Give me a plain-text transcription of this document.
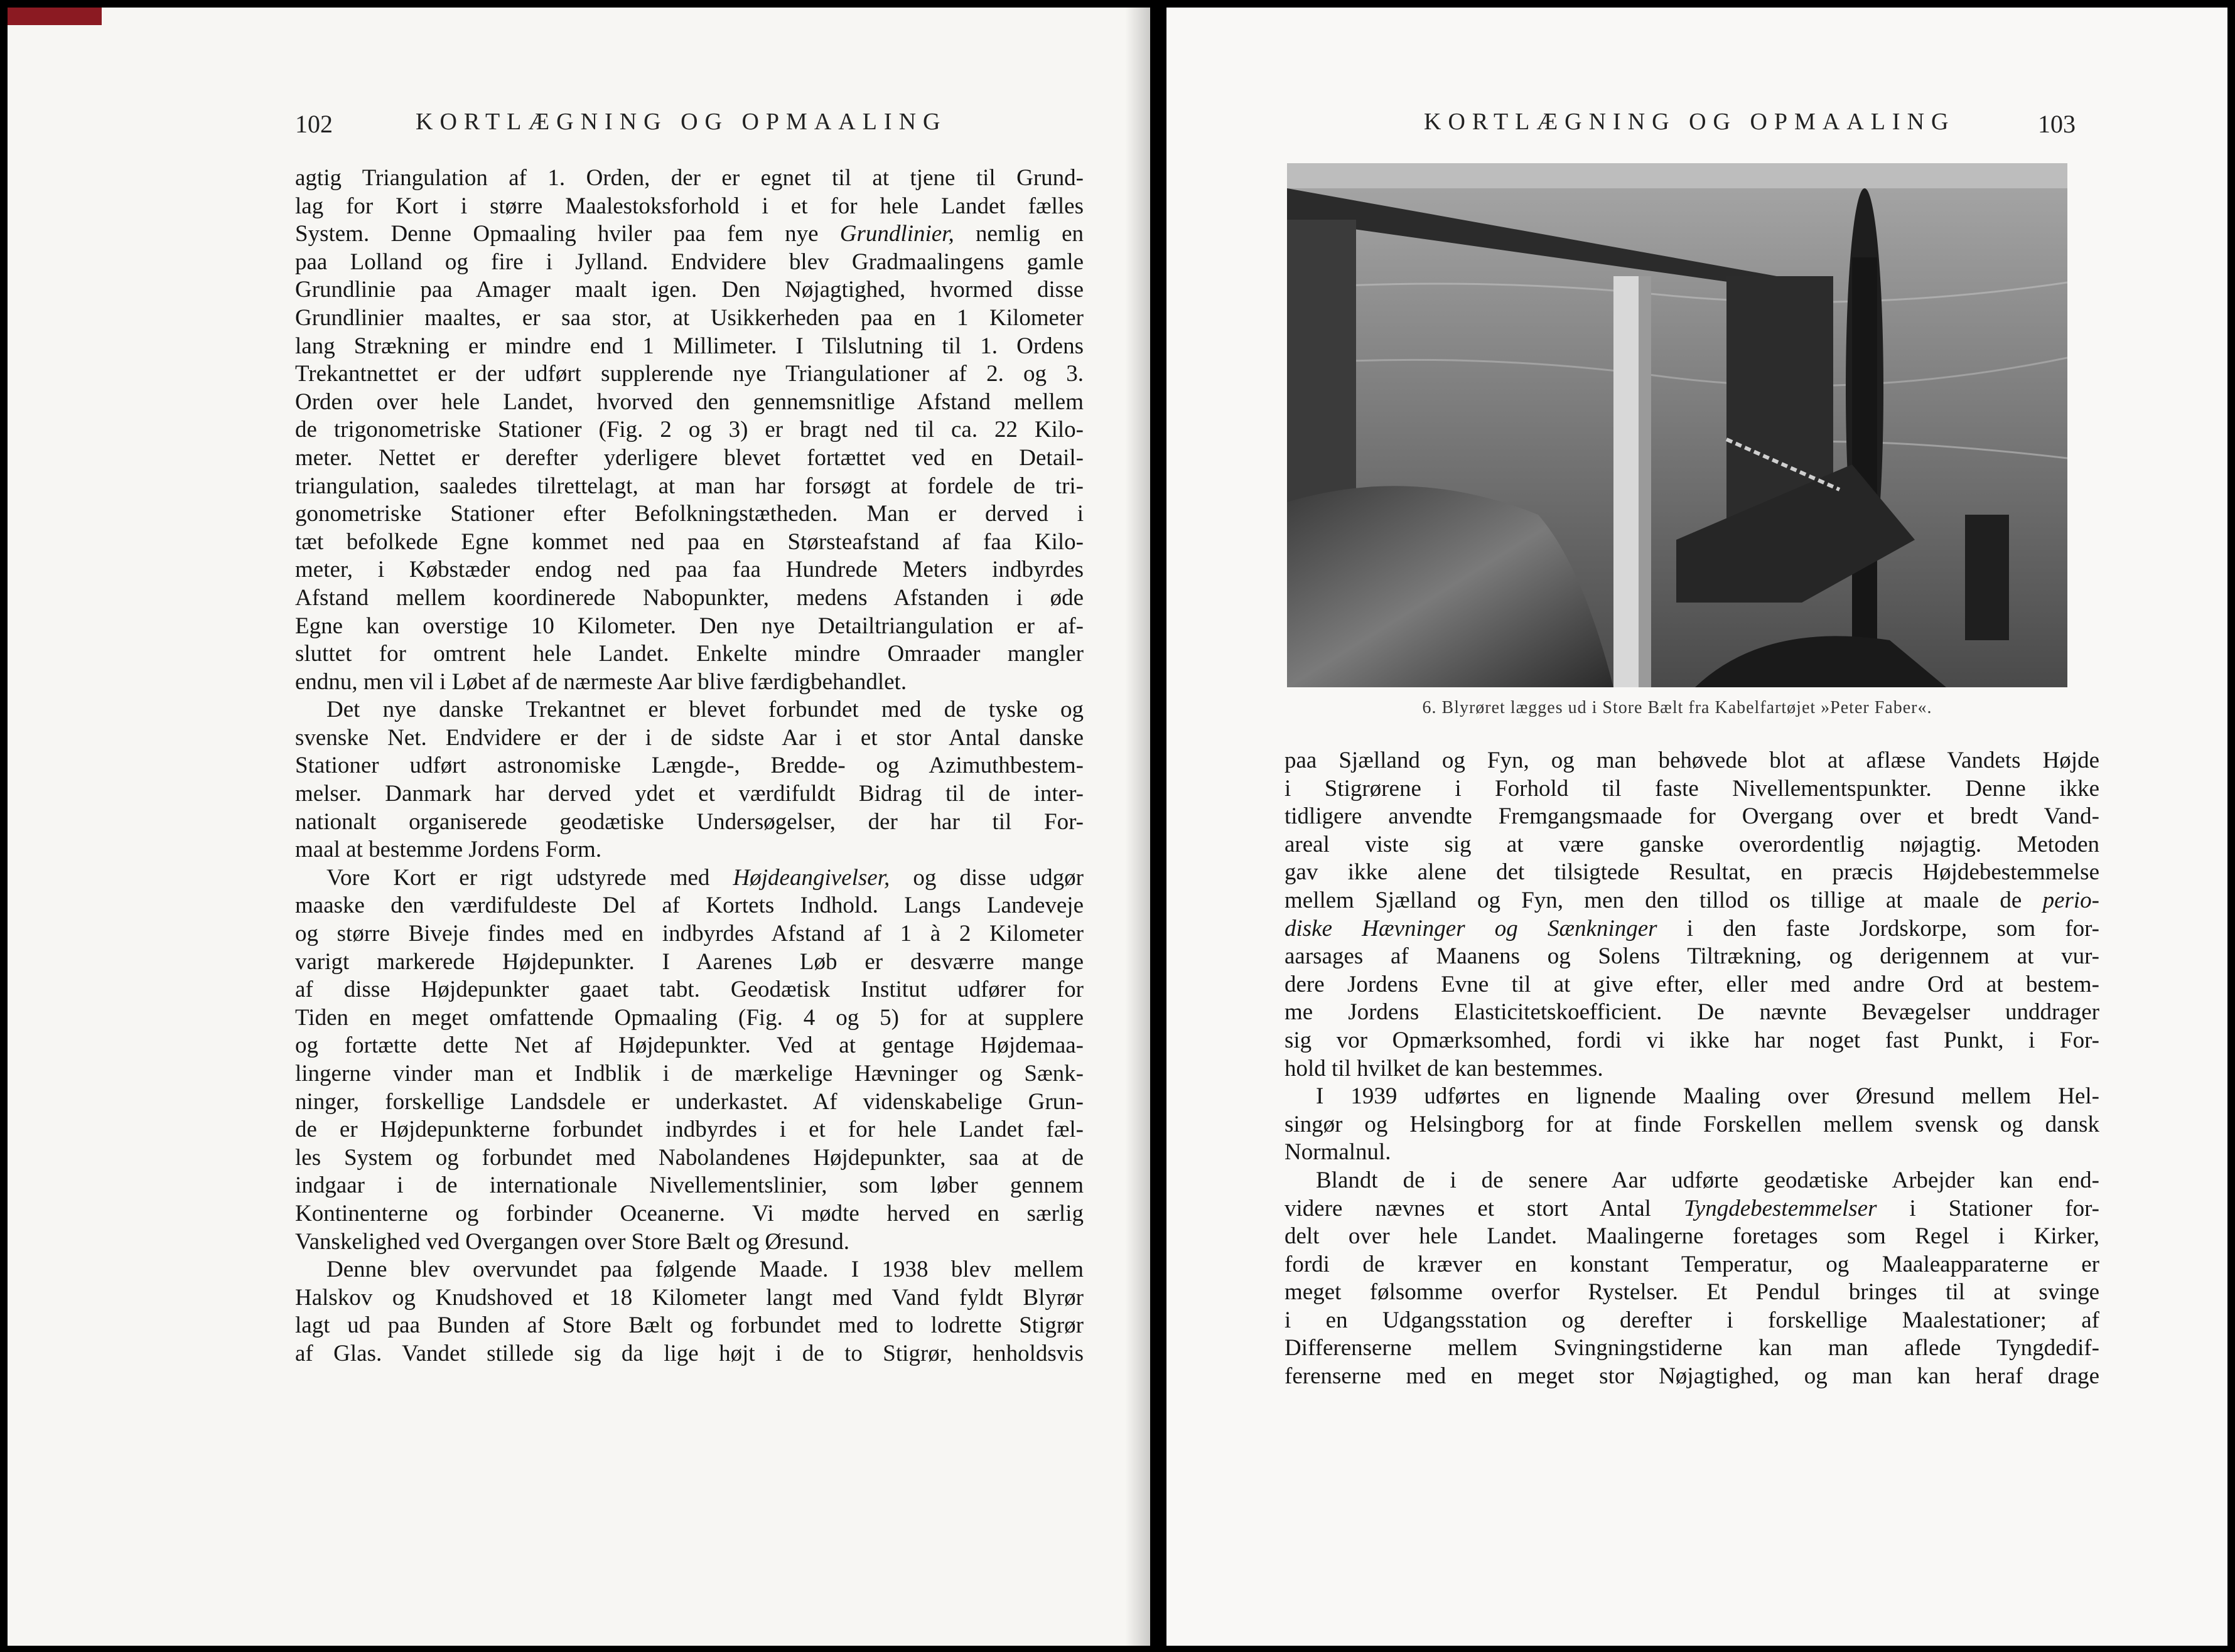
102	KORTLÆGNING OG OPMAALING

agtig Triangulation af 1. Orden, der er egnet til at tjene til Grund-

lag for Kort i større Maalestoksforhold i et for hele Landet fælles

System. Denne Opmaaling hviler paa fem nye Grundlinier, nemlig en

paa Lolland og fire i Jylland. Endvidere blev Gradmaalingens gamle

Grundlinie paa Amager maalt igen. Den Nøjagtighed, hvormed disse

Grundlinier maaltes, er saa stor, at Usikkerheden paa en 1 Kilometer

lang Strækning er mindre end 1 Millimeter. I Tilslutning til 1. Ordens

Trekantnettet er der udført supplerende nye Triangulationer af 2. og 3.

Orden over hele Landet, hvorved den gennemsnitlige Afstand mellem

de trigonometriske Stationer (Fig. 2 og 3) er bragt ned til ca. 22 Kilo-

meter. Nettet er derefter yderligere blevet fortættet ved en Detail-

triangulation, saaledes tilrettelagt, at man har forsøgt at fordele de tri-

gonometriske Stationer efter Befolkningstætheden. Man er derved i

tæt befolkede Egne kommet ned paa en Størsteafstand af faa Kilo-

meter, i Købstæder endog ned paa faa Hundrede Meters indbyrdes

Afstand mellem koordinerede Nabopunkter, medens Afstanden i øde

Egne kan overstige 10 Kilometer. Den nye Detailtriangulation er af-

sluttet for omtrent hele Landet. Enkelte mindre Omraader mangler

endnu, men vil i Løbet af de nærmeste Aar blive færdigbehandlet.

Det nye danske Trekantnet er blevet forbundet med de tyske og

svenske Net. Endvidere er der i de sidste Aar i et stor Antal danske

Stationer udført astronomiske Længde-, Bredde- og Azimuthbestem-

melser. Danmark har derved ydet et værdifuldt Bidrag til de inter-

nationalt organiserede geodætiske Undersøgelser, der har til For-

maal at bestemme Jordens Form.

Vore Kort er rigt udstyrede med Højdeangivelser, og disse udgør

maaske den værdifuldeste Del af Kortets Indhold. Langs Landeveje

og større Biveje findes med en indbyrdes Afstand af 1 à 2 Kilometer

varigt markerede Højdepunkter. I Aarenes Løb er desværre mange

af disse Højdepunkter gaaet tabt. Geodætisk Institut udfører for

Tiden en meget omfattende Opmaaling (Fig. 4 og 5) for at supplere

og fortætte dette Net af Højdepunkter. Ved at gentage Højdemaa-

lingerne vinder man et Indblik i de mærkelige Hævninger og Sænk-

ninger, forskellige Landsdele er underkastet. Af videnskabelige Grun-

de er Højdepunkterne forbundet indbyrdes i et for hele Landet fæl-

les System og forbundet med Nabolandenes Højdepunkter, saa at de

indgaar i de internationale Nivellementslinier, som løber gennem

Kontinenterne og forbinder Oceanerne. Vi mødte herved en særlig

Vanskelighed ved Overgangen over Store Bælt og Øresund.

Denne blev overvundet paa følgende Maade. I 1938 blev mellem

Halskov og Knudshoved et 18 Kilometer langt med Vand fyldt Blyrør

lagt ud paa Bunden af Store Bælt og forbundet med to lodrette Stigrør

af Glas. Vandet stillede sig da lige højt i de to Stigrør, henholdsvis

KORTLÆGNING OG OPMAALING	103
6. Blyrøret lægges ud i Store Bælt fra Kabelfartøjet »Peter Faber«.

paa Sjælland og Fyn, og man behøvede blot at aflæse Vandets Højde

i Stigrørene i Forhold til faste Nivellementspunkter. Denne ikke

tidligere anvendte Fremgangsmaade for Overgang over et bredt Vand-

areal viste sig at være ganske overordentlig nøjagtig. Metoden

gav ikke alene det tilsigtede Resultat, en præcis Højdebestemmelse

mellem Sjælland og Fyn, men den tillod os tillige at maale de perio-

diske Hævninger og Sænkninger i den faste Jordskorpe, som for-

aarsages af Maanens og Solens Tiltrækning, og derigennem at vur-

dere Jordens Evne til at give efter, eller med andre Ord at bestem-

me Jordens Elasticitetskoefficient. De nævnte Bevægelser unddrager

sig vor Opmærksomhed, fordi vi ikke har noget fast Punkt, i For-

hold til hvilket de kan bestemmes.

I 1939 udførtes en lignende Maaling over Øresund mellem Hel-

singør og Helsingborg for at finde Forskellen mellem svensk og dansk

Normalnul.

Blandt de i de senere Aar udførte geodætiske Arbejder kan end-

videre nævnes et stort Antal Tyngdebestemmelser i Stationer for-

delt over hele Landet. Maalingerne foretages som Regel i Kirker,

fordi de kræver en konstant Temperatur, og Maaleapparaterne er

meget følsomme overfor Rystelser. Et Pendul bringes til at svinge

i en Udgangsstation og derefter i forskellige Maalestationer; af

Differenserne mellem Svingningstiderne kan man aflede Tyngdedif-

ferenserne med en meget stor Nøjagtighed, og man kan heraf drage
